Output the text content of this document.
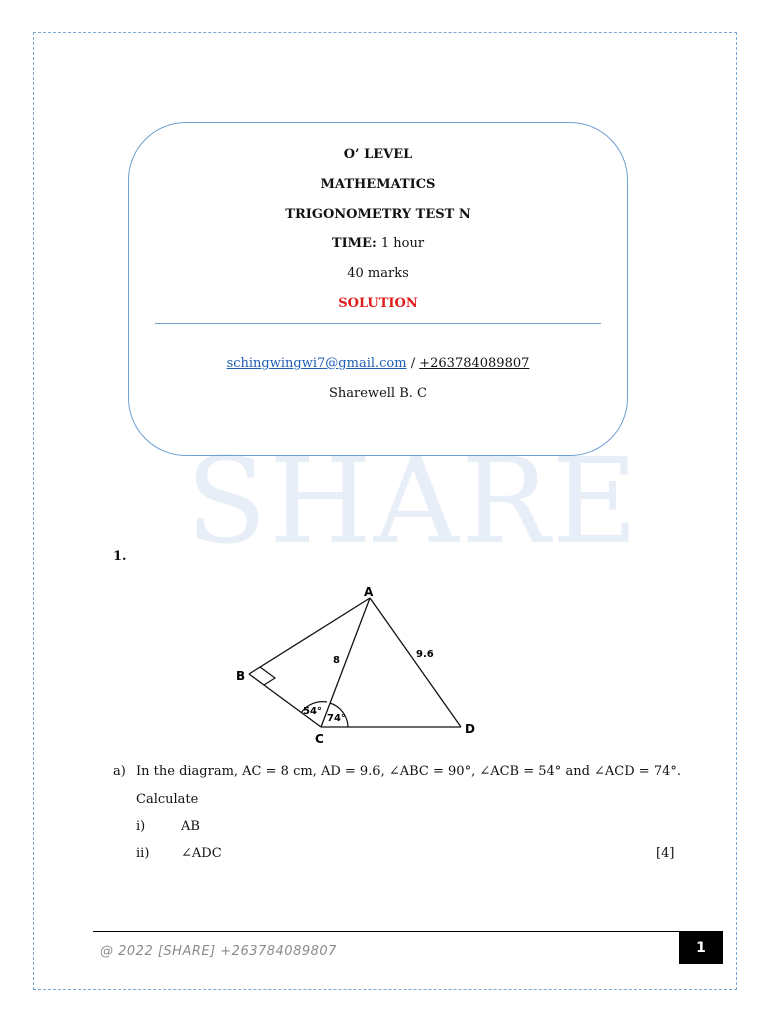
SHARE
O’ LEVEL
MATHEMATICS
TRIGONOMETRY TEST N
TIME: 1 hour
40 marks
SOLUTION
schingwingwi7@gmail.com / +263784089807
Sharewell B. C
1.
A
B
C
D
8
9.6
54°
74°
a) In the diagram, AC = 8 cm, AD = 9.6, ∠ABC = 90°, ∠ACB = 54° and ∠ACD = 74°.
Calculate
i)	AB
ii) ∠ADC	[4]
@ 2022 [SHARE] +263784089807	1
